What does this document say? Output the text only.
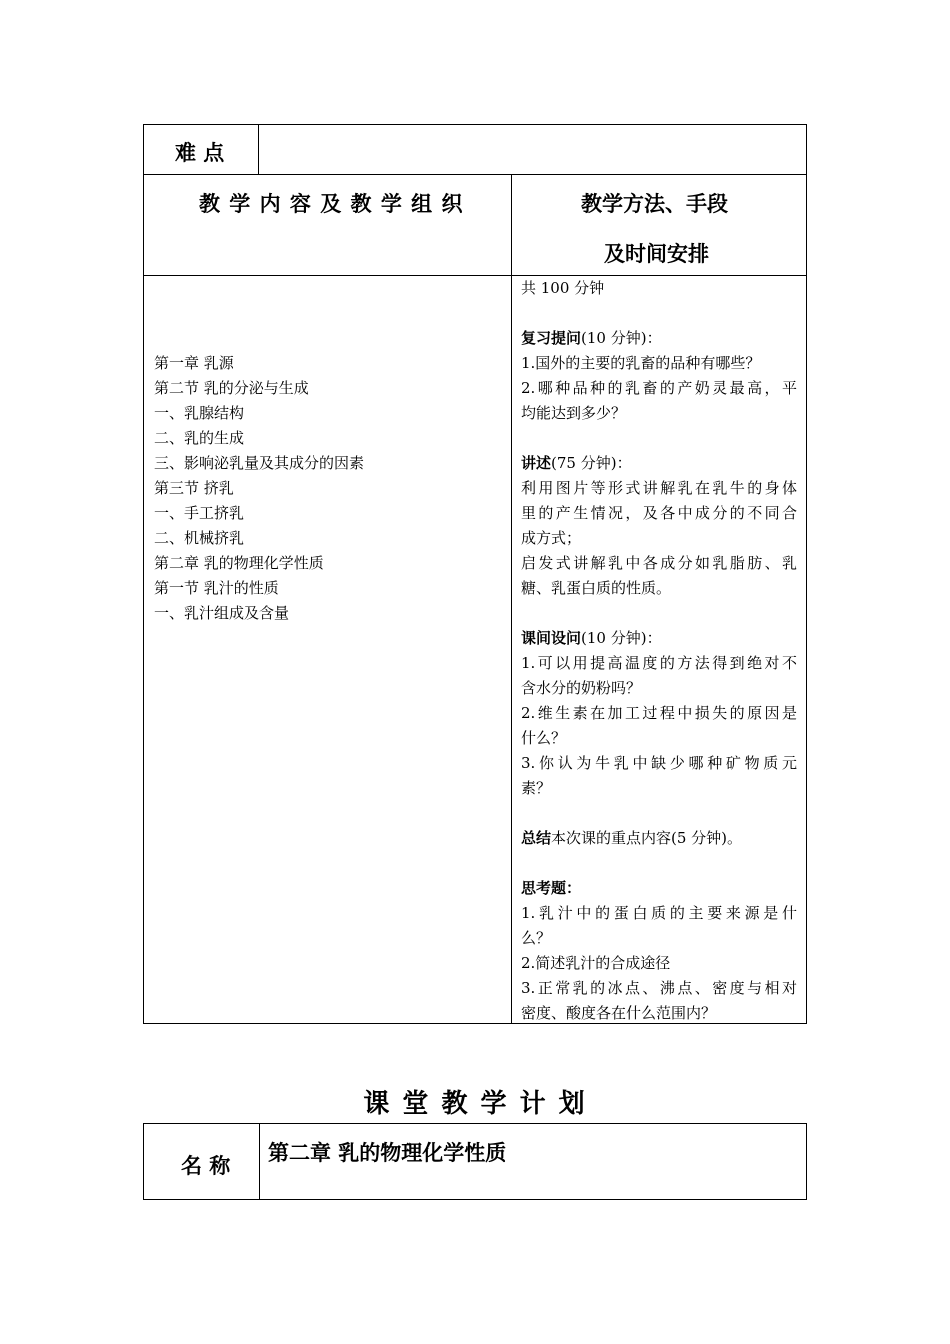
难 点
教 学 内 容 及 教 学 组 织	教学方法、手段
及时间安排
第一章 乳源
第二节 乳的分泌与生成
一、乳腺结构
二、乳的生成
三、影响泌乳量及其成分的因素
第三节 挤乳
一、手工挤乳
二、机械挤乳
第二章 乳的物理化学性质
第一节 乳汁的性质
一、乳汁组成及含量
共 100 分钟
复习提问(10 分钟)：
1.国外的主要的乳畜的品种有哪些？
2.哪种品种的乳畜的产奶灵最高，平
均能达到多少？
讲述(75 分钟)：
利用图片等形式讲解乳在乳牛的身体
里的产生情况，及各中成分的不同合
成方式；
启发式讲解乳中各成分如乳脂肪、乳
糖、乳蛋白质的性质。
课间设问(10 分钟)：
1.可以用提高温度的方法得到绝对不
含水分的奶粉吗？
2.维生素在加工过程中损失的原因是
什么？
3.你认为牛乳中缺少哪种矿物质元
素？
总结本次课的重点内容(5 分钟)。
思考题：
1.乳汁中的蛋白质的主要来源是什
么？
2.简述乳汁的合成途径
3.正常乳的冰点、沸点、密度与相对
密度、酸度各在什么范围内？
课 堂 教 学 计 划
名 称
第二章 乳的物理化学性质
